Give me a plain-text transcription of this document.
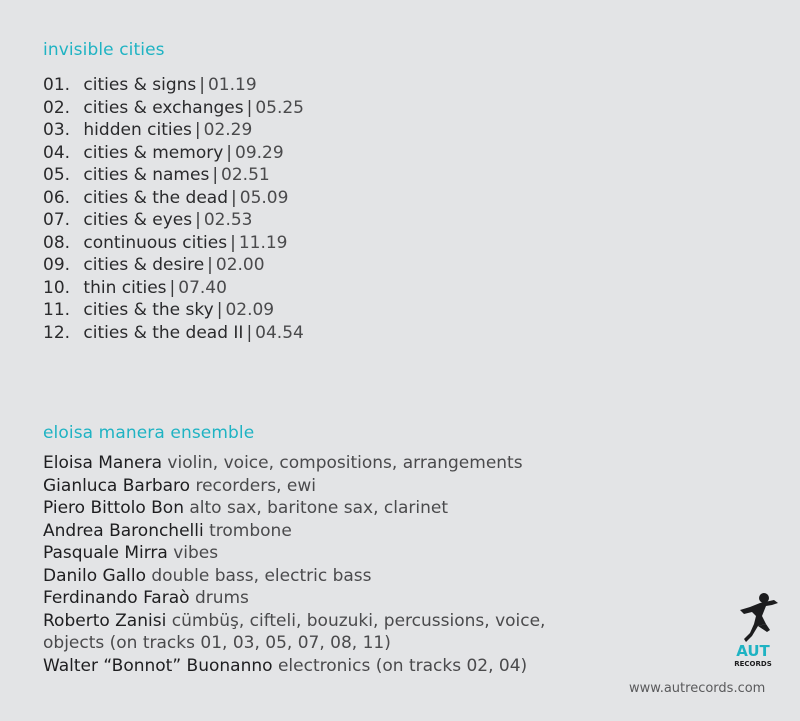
invisible cities
01. cities & signs | 01.19
02. cities & exchanges | 05.25
03. hidden cities | 02.29
04. cities & memory | 09.29
05. cities & names | 02.51
06. cities & the dead | 05.09
07. cities & eyes | 02.53
08. continuous cities | 11.19
09. cities & desire | 02.00
10. thin cities | 07.40
11. cities & the sky | 02.09
12. cities & the dead II | 04.54
eloisa manera ensemble
Eloisa Manera violin, voice, compositions, arrangements
Gianluca Barbaro recorders, ewi
Piero Bittolo Bon alto sax, baritone sax, clarinet
Andrea Baronchelli trombone
Pasquale Mirra vibes
Danilo Gallo double bass, electric bass
Ferdinando Faraò drums
Roberto Zanisi cümbüş, cifteli, bouzuki, percussions, voice, objects (on tracks 01, 03, 05, 07, 08, 11)
Walter “Bonnot” Buonanno electronics (on tracks 02, 04)
AUT
RECORDS
www.autrecords.com
